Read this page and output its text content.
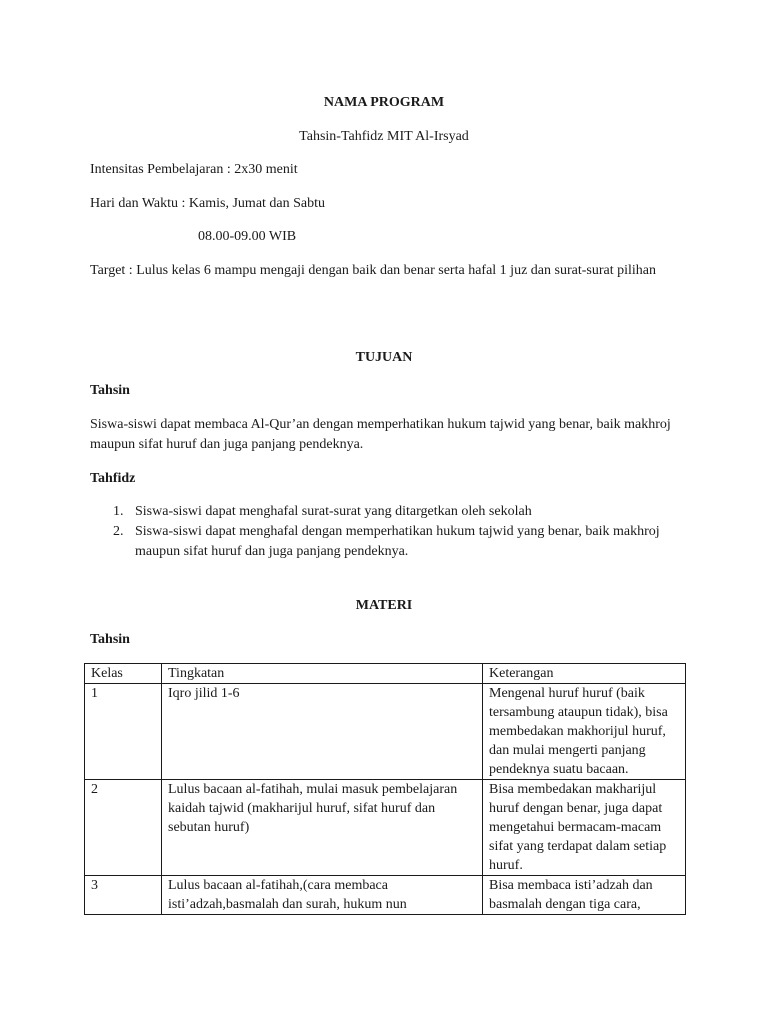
NAMA PROGRAM
Tahsin-Tahfidz MIT Al-Irsyad
Intensitas Pembelajaran : 2x30 menit
Hari dan Waktu : Kamis, Jumat dan Sabtu
08.00-09.00 WIB
Target : Lulus kelas 6 mampu mengaji dengan baik dan benar serta hafal 1 juz dan surat-surat pilihan
TUJUAN
Tahsin
Siswa-siswi dapat membaca Al-Qur’an dengan memperhatikan hukum tajwid yang benar, baik makhroj maupun sifat huruf dan juga panjang pendeknya.
Tahfidz
1. Siswa-siswi dapat menghafal surat-surat yang ditargetkan oleh sekolah
2. Siswa-siswi dapat menghafal dengan memperhatikan hukum tajwid yang benar, baik makhroj maupun sifat huruf dan juga panjang pendeknya.
MATERI
Tahsin
Kelas	Tingkatan	Keterangan
1	Iqro jilid 1-6	Mengenal huruf huruf (baik tersambung ataupun tidak), bisa membedakan makhorijul huruf, dan mulai mengerti panjang pendeknya suatu bacaan.
2	Lulus bacaan al-fatihah, mulai masuk pembelajaran kaidah tajwid (makharijul huruf, sifat huruf dan sebutan huruf)	Bisa membedakan makharijul huruf dengan benar, juga dapat mengetahui bermacam-macam sifat yang terdapat dalam setiap huruf.
3	Lulus bacaan al-fatihah,(cara membaca isti’adzah,basmalah dan surah, hukum nun	Bisa membaca isti’adzah dan basmalah dengan tiga cara,
